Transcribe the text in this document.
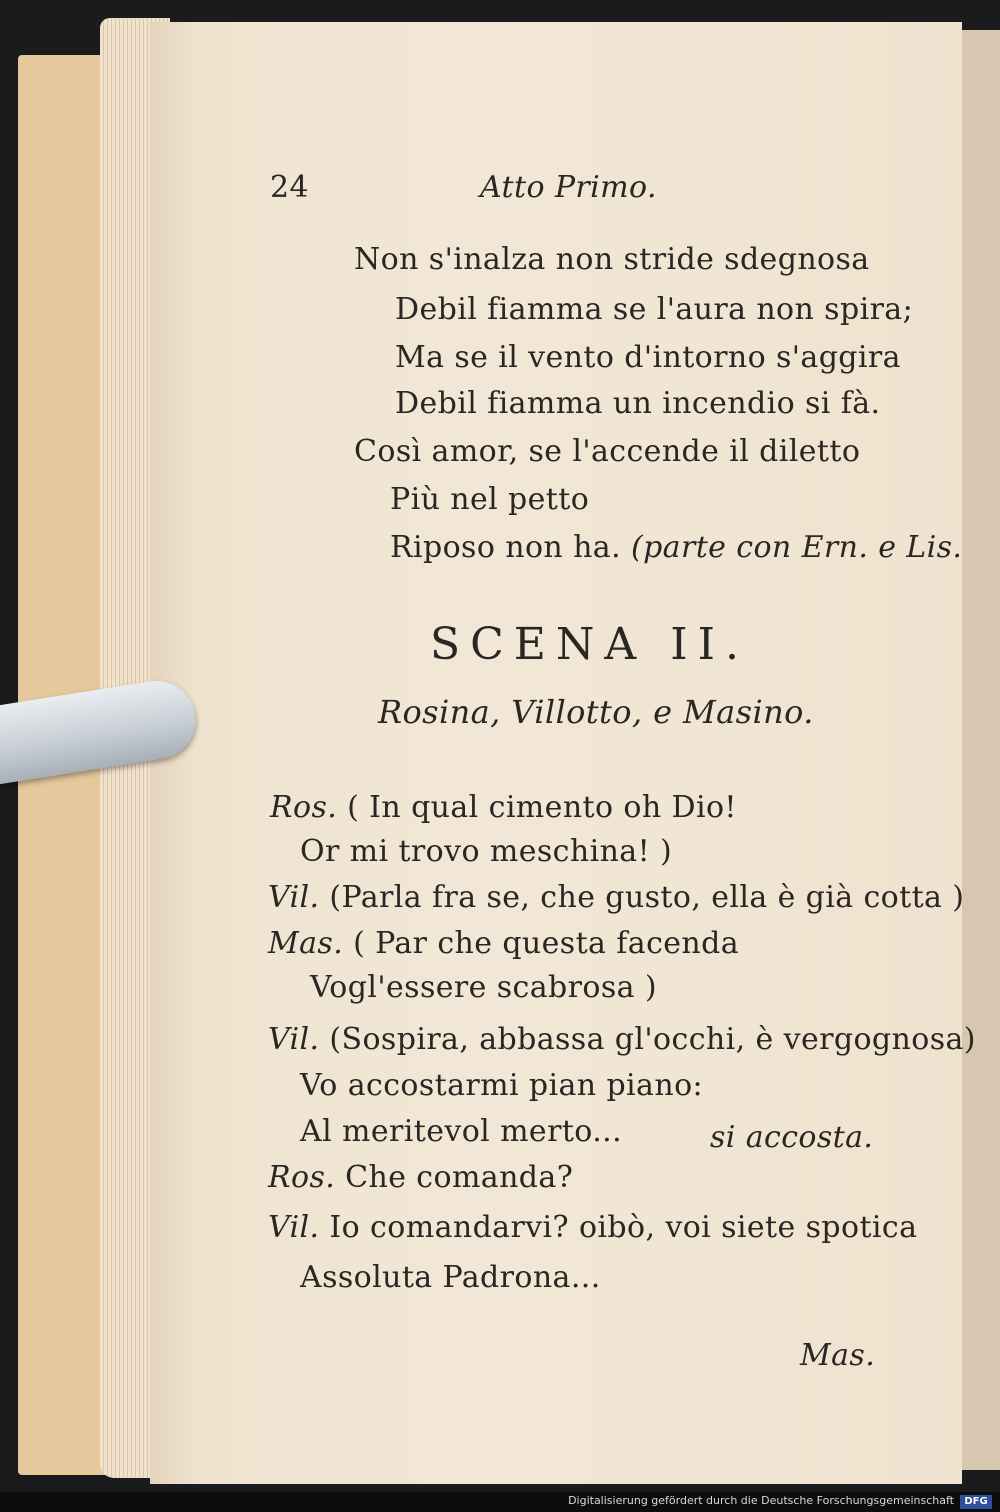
24	Atto Primo.
Non s'inalza non stride sdegnosa
Debil fiamma se l'aura non spira;
Ma se il vento d'intorno s'aggira
Debil fiamma un incendio si fà.
Così amor, se l'accende il diletto
Più nel petto
Riposo non ha. (parte con Ern. e Lis.
SCENA II.
Rosina, Villotto, e Masino.
Ros. ( In qual cimento oh Dio!
Or mi trovo meschina! )
Vil. (Parla fra se, che gusto, ella è già cotta )
Mas. ( Par che questa facenda
Vogl'essere scabrosa )
Vil. (Sospira, abbassa gl'occhi, è vergognosa)
Vo accostarmi pian piano:
Al meritevol merto...	si accosta.
Ros. Che comanda?
Vil. Io comandarvi? oibò, voi siete spotica
Assoluta Padrona...
Mas.
Digitalisierung gefördert durch die Deutsche Forschungsgemeinschaft	DFG
